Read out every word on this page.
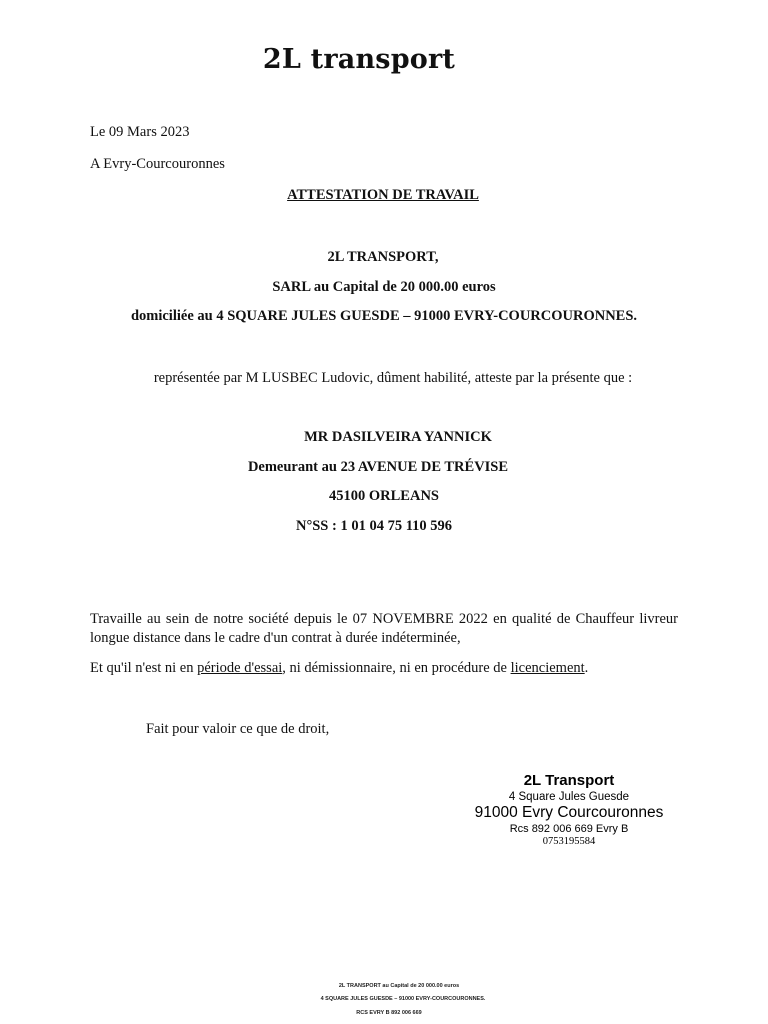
2L transport
Le 09 Mars 2023
A Evry-Courcouronnes
ATTESTATION DE TRAVAIL
2L TRANSPORT,
SARL au Capital de 20 000.00 euros
domiciliée au 4 SQUARE JULES GUESDE – 91000 EVRY-COURCOURONNES.
représentée par M LUSBEC Ludovic, dûment habilité, atteste par la présente que :
MR DASILVEIRA YANNICK
Demeurant au 23 AVENUE DE TRÉVISE
45100 ORLEANS
N°SS : 1 01 04 75 110 596
Travaille au sein de notre société depuis le 07 NOVEMBRE 2022 en qualité de Chauffeur livreur longue distance dans le cadre d'un contrat à durée indéterminée,
Et qu'il n'est ni en période d'essai, ni démissionnaire, ni en procédure de licenciement.
Fait pour valoir ce que de droit,
2L Transport
4 Square Jules Guesde
91000 Evry Courcouronnes
Rcs 892 006 669 Evry B
0753195584
2L TRANSPORT au Capital de 20 000.00 euros
4 SQUARE JULES GUESDE – 91000 EVRY-COURCOURONNES.
RCS EVRY B 892 006 669
